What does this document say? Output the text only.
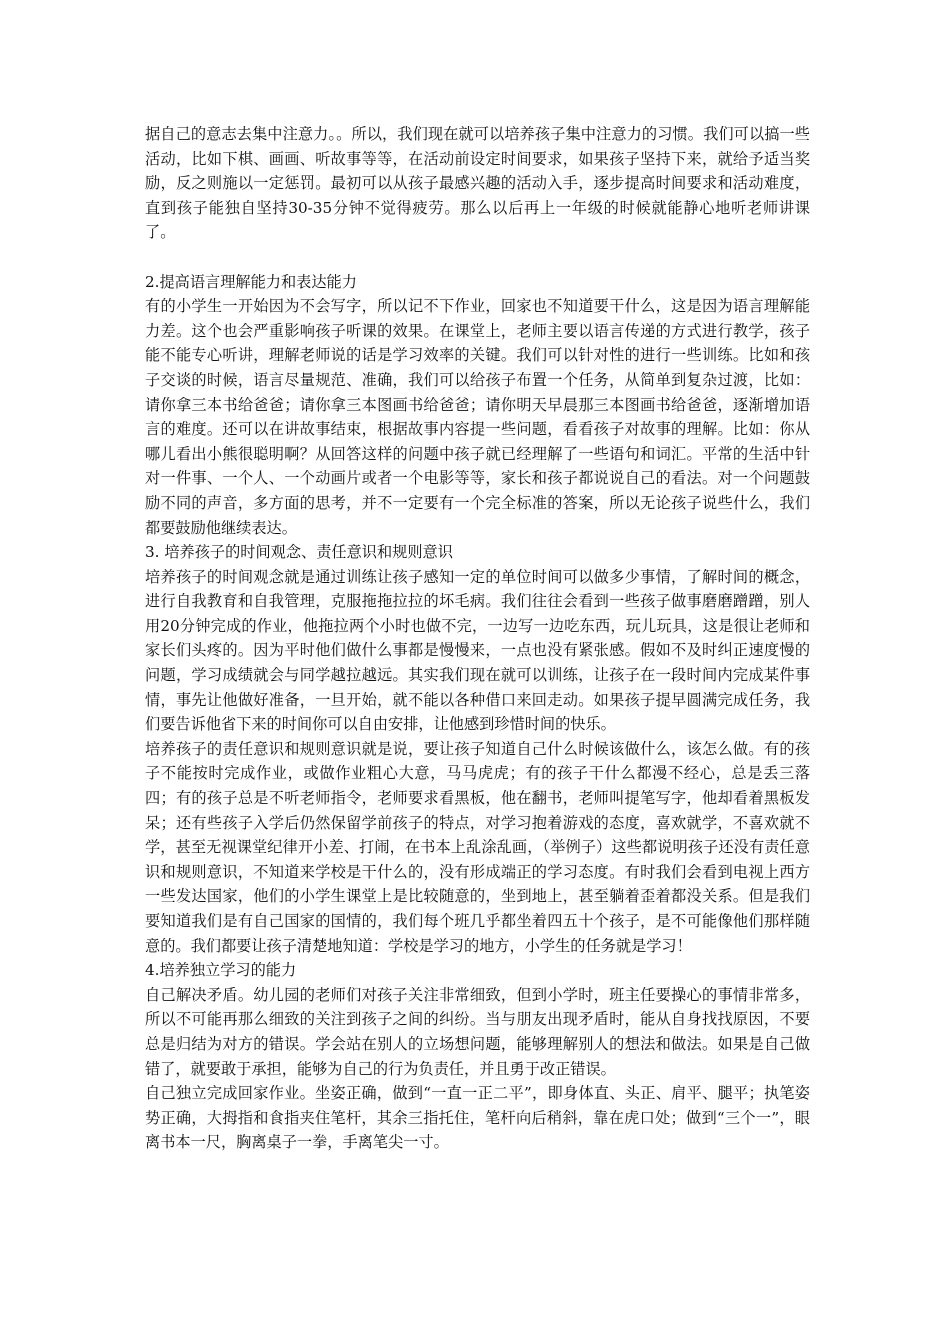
据自己的意志去集中注意力。。所以，我们现在就可以培养孩子集中注意力的习惯。我们可以搞一些活动，比如下棋、画画、听故事等等，在活动前设定时间要求，如果孩子坚持下来，就给予适当奖励，反之则施以一定惩罚。最初可以从孩子最感兴趣的活动入手，逐步提高时间要求和活动难度，直到孩子能独自坚持30-35分钟不觉得疲劳。那么以后再上一年级的时候就能静心地听老师讲课了。

2.提高语言理解能力和表达能力

有的小学生一开始因为不会写字，所以记不下作业，回家也不知道要干什么，这是因为语言理解能力差。这个也会严重影响孩子听课的效果。在课堂上，老师主要以语言传递的方式进行教学，孩子能不能专心听讲，理解老师说的话是学习效率的关键。我们可以针对性的进行一些训练。比如和孩子交谈的时候，语言尽量规范、准确，我们可以给孩子布置一个任务，从简单到复杂过渡，比如：请你拿三本书给爸爸；请你拿三本图画书给爸爸；请你明天早晨那三本图画书给爸爸，逐渐增加语言的难度。还可以在讲故事结束，根据故事内容提一些问题，看看孩子对故事的理解。比如：你从哪儿看出小熊很聪明啊？从回答这样的问题中孩子就已经理解了一些语句和词汇。平常的生活中针对一件事、一个人、一个动画片或者一个电影等等，家长和孩子都说说自己的看法。对一个问题鼓励不同的声音，多方面的思考，并不一定要有一个完全标准的答案，所以无论孩子说些什么，我们都要鼓励他继续表达。

3. 培养孩子的时间观念、责任意识和规则意识

培养孩子的时间观念就是通过训练让孩子感知一定的单位时间可以做多少事情，了解时间的概念，进行自我教育和自我管理，克服拖拖拉拉的坏毛病。我们往往会看到一些孩子做事磨磨蹭蹭，别人用20分钟完成的作业，他拖拉两个小时也做不完，一边写一边吃东西，玩儿玩具，这是很让老师和家长们头疼的。因为平时他们做什么事都是慢慢来，一点也没有紧张感。假如不及时纠正速度慢的问题，学习成绩就会与同学越拉越远。其实我们现在就可以训练，让孩子在一段时间内完成某件事情，事先让他做好准备，一旦开始，就不能以各种借口来回走动。如果孩子提早圆满完成任务，我们要告诉他省下来的时间你可以自由安排，让他感到珍惜时间的快乐。

培养孩子的责任意识和规则意识就是说，要让孩子知道自己什么时候该做什么，该怎么做。有的孩子不能按时完成作业，或做作业粗心大意，马马虎虎；有的孩子干什么都漫不经心，总是丢三落四；有的孩子总是不听老师指令，老师要求看黑板，他在翻书，老师叫提笔写字，他却看着黑板发呆；还有些孩子入学后仍然保留学前孩子的特点，对学习抱着游戏的态度，喜欢就学，不喜欢就不学，甚至无视课堂纪律开小差、打闹，在书本上乱涂乱画，（举例子）这些都说明孩子还没有责任意识和规则意识，不知道来学校是干什么的，没有形成端正的学习态度。有时我们会看到电视上西方一些发达国家，他们的小学生课堂上是比较随意的，坐到地上，甚至躺着歪着都没关系。但是我们要知道我们是有自己国家的国情的，我们每个班几乎都坐着四五十个孩子，是不可能像他们那样随意的。我们都要让孩子清楚地知道：学校是学习的地方，小学生的任务就是学习！

4.培养独立学习的能力

自己解决矛盾。幼儿园的老师们对孩子关注非常细致，但到小学时，班主任要操心的事情非常多，所以不可能再那么细致的关注到孩子之间的纠纷。当与朋友出现矛盾时，能从自身找找原因，不要总是归结为对方的错误。学会站在别人的立场想问题，能够理解别人的想法和做法。如果是自己做错了，就要敢于承担，能够为自己的行为负责任，并且勇于改正错误。

自己独立完成回家作业。坐姿正确，做到“一直一正二平”，即身体直、头正、肩平、腿平；执笔姿势正确，大拇指和食指夹住笔杆，其余三指托住，笔杆向后稍斜，靠在虎口处；做到“三个一”，眼离书本一尺，胸离桌子一拳，手离笔尖一寸。
